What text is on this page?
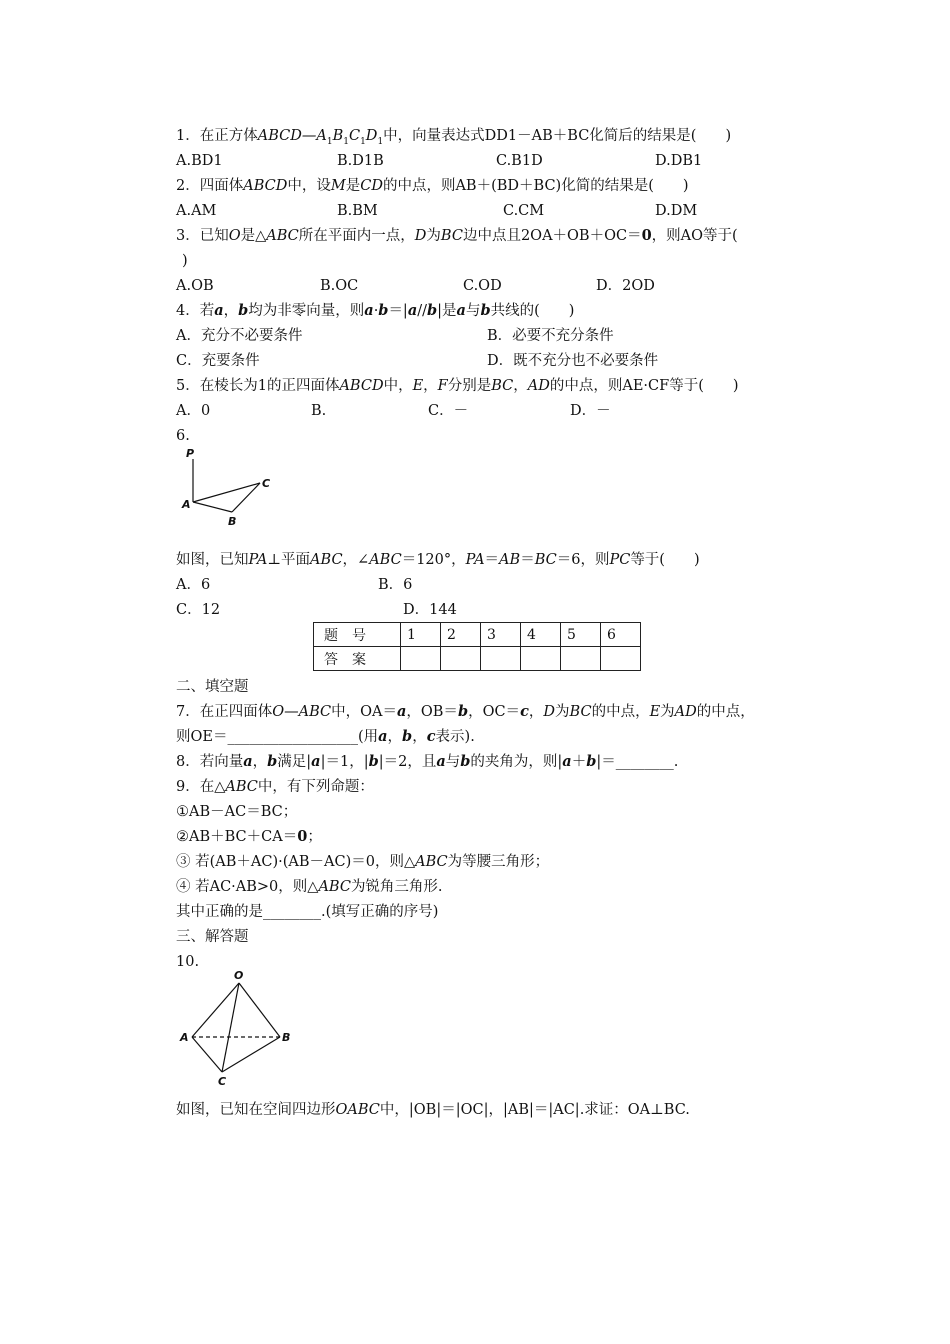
1．在正方体$ABCD—A_1B_1C_1D_1$中，向量表达式DD1－AB＋BC化简后的结果是(　　)
A.BD1	B.D1B	C.B1D	D.DB1
2．四面体ABCD中，设M是CD的中点，则AB＋(BD＋BC)化简的结果是(　　)
A.AM	B.BM	C.CM	D.DM
3．已知O是△ABC所在平面内一点，D为BC边中点且2OA＋OB＋OC＝0，则AO等于(
)
A.OB	B.OC	C.OD	D．2OD
4．若a，b均为非零向量，则a·b＝|a//b|是a与b共线的(　　)
A．充分不必要条件	B．必要不充分条件
C．充要条件	D．既不充分也不必要条件
5．在棱长为1的正四面体ABCD中，E，F分别是BC，AD的中点，则AE·CF等于(　　)
A．0	B.	C．－	D．－
6.
P
A
B
C
如图，已知PA⊥平面ABC，∠ABC＝120°，PA＝AB＝BC＝6，则PC等于(　　)
A．6	B．6
C．12	D．144
题　号	1	2	3	4	5	6
答　案						
二、填空题
7．在正四面体O—ABC中，OA＝a，OB＝b，OC＝c，D为BC的中点，E为AD的中点，
则OE＝__________________(用a，b，c表示).
8．若向量a，b满足|a|＝1，|b|＝2，且a与b的夹角为，则|a＋b|＝________.
9．在△ABC中，有下列命题：
①AB－AC＝BC；
②AB＋BC＋CA＝0；
③ 若(AB＋AC)·(AB－AC)＝0，则△ABC为等腰三角形；
④ 若AC·AB>0，则△ABC为锐角三角形.
其中正确的是________.(填写正确的序号)
三、解答题
10.
O
A	B
C
如图，已知在空间四边形OABC中，|OB|＝|OC|，|AB|＝|AC|.求证：OA⊥BC.
